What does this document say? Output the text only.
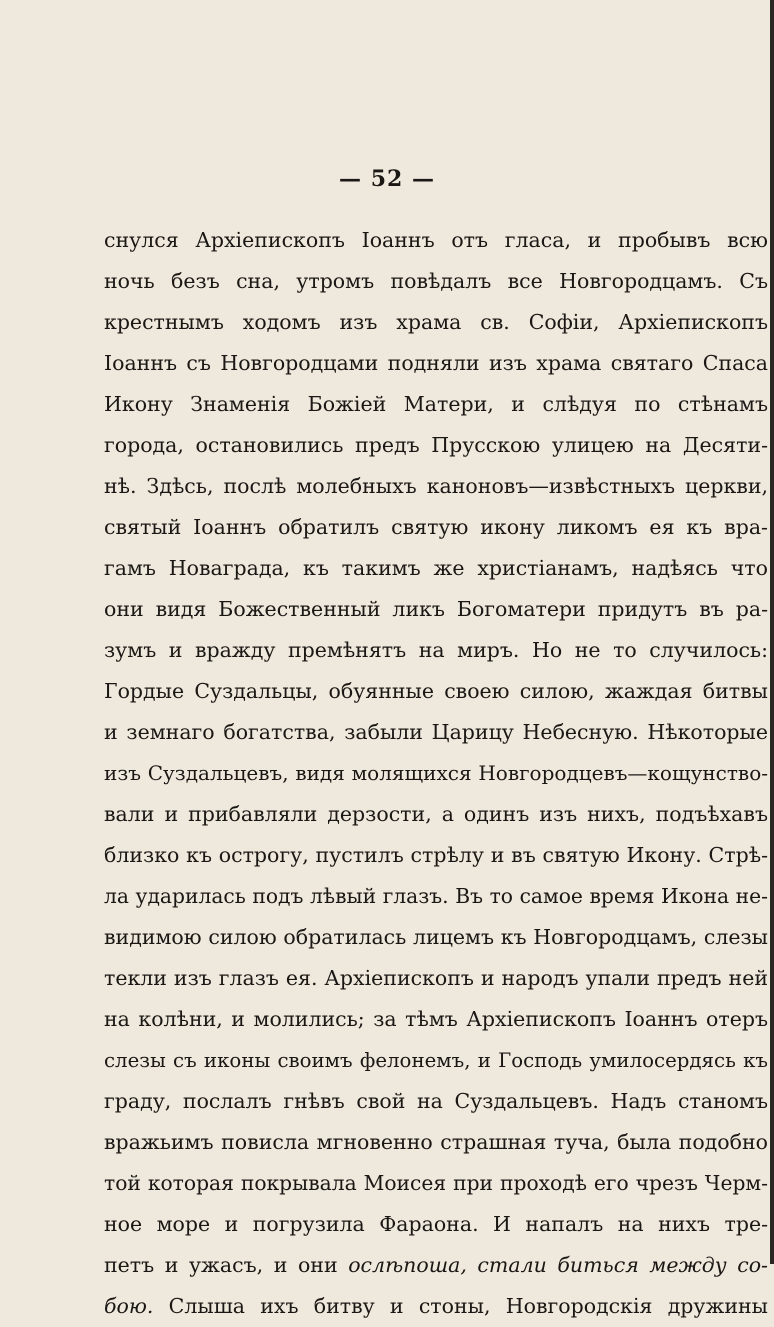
— 52 —
снулся Архіепископъ Іоаннъ отъ гласа, и пробывъ всю
ночь безъ сна, утромъ повѣдалъ все Новгородцамъ. Съ
крестнымъ ходомъ изъ храма св. Софіи, Архіепископъ
Іоаннъ съ Новгородцами подняли изъ храма святаго Спаса
Икону Знаменія Божіей Матери, и слѣдуя по стѣнамъ
города, остановились предъ Прусскою улицею на Десяти-
нѣ. Здѣсь, послѣ молебныхъ каноновъ—извѣстныхъ церкви,
святый Іоаннъ обратилъ святую икону ликомъ ея къ вра-
гамъ Новаграда, къ такимъ же христіанамъ, надѣясь что
они видя Божественный ликъ Богоматери придутъ въ ра-
зумъ и вражду премѣнятъ на миръ. Но не то случилось:
Гордые Суздальцы, обуянные своею силою, жаждая битвы
и земнаго богатства, забыли Царицу Небесную. Нѣкоторые
изъ Суздальцевъ, видя молящихся Новгородцевъ—кощунство-
вали и прибавляли дерзости, а одинъ изъ нихъ, подъѣхавъ
близко къ острогу, пустилъ стрѣлу и въ святую Икону. Стрѣ-
ла ударилась подъ лѣвый глазъ. Въ то самое время Икона не-
видимою силою обратилась лицемъ къ Новгородцамъ, слезы
текли изъ глазъ ея. Архіепископъ и народъ упали предъ ней
на колѣни, и молились; за тѣмъ Архіепископъ Іоаннъ отеръ
слезы съ иконы своимъ фелонемъ, и Господь умилосердясь къ
граду, послалъ гнѣвъ свой на Суздальцевъ. Надъ станомъ
вражьимъ повисла мгновенно страшная туча, была подобно
той которая покрывала Моисея при проходѣ его чрезъ Черм-
ное море и погрузила Фараона. И напалъ на нихъ тре-
петъ и ужасъ, и они ослѣпоша, стали биться между со-
бою. Слыша ихъ битву и стоны, Новгородскія дружины
